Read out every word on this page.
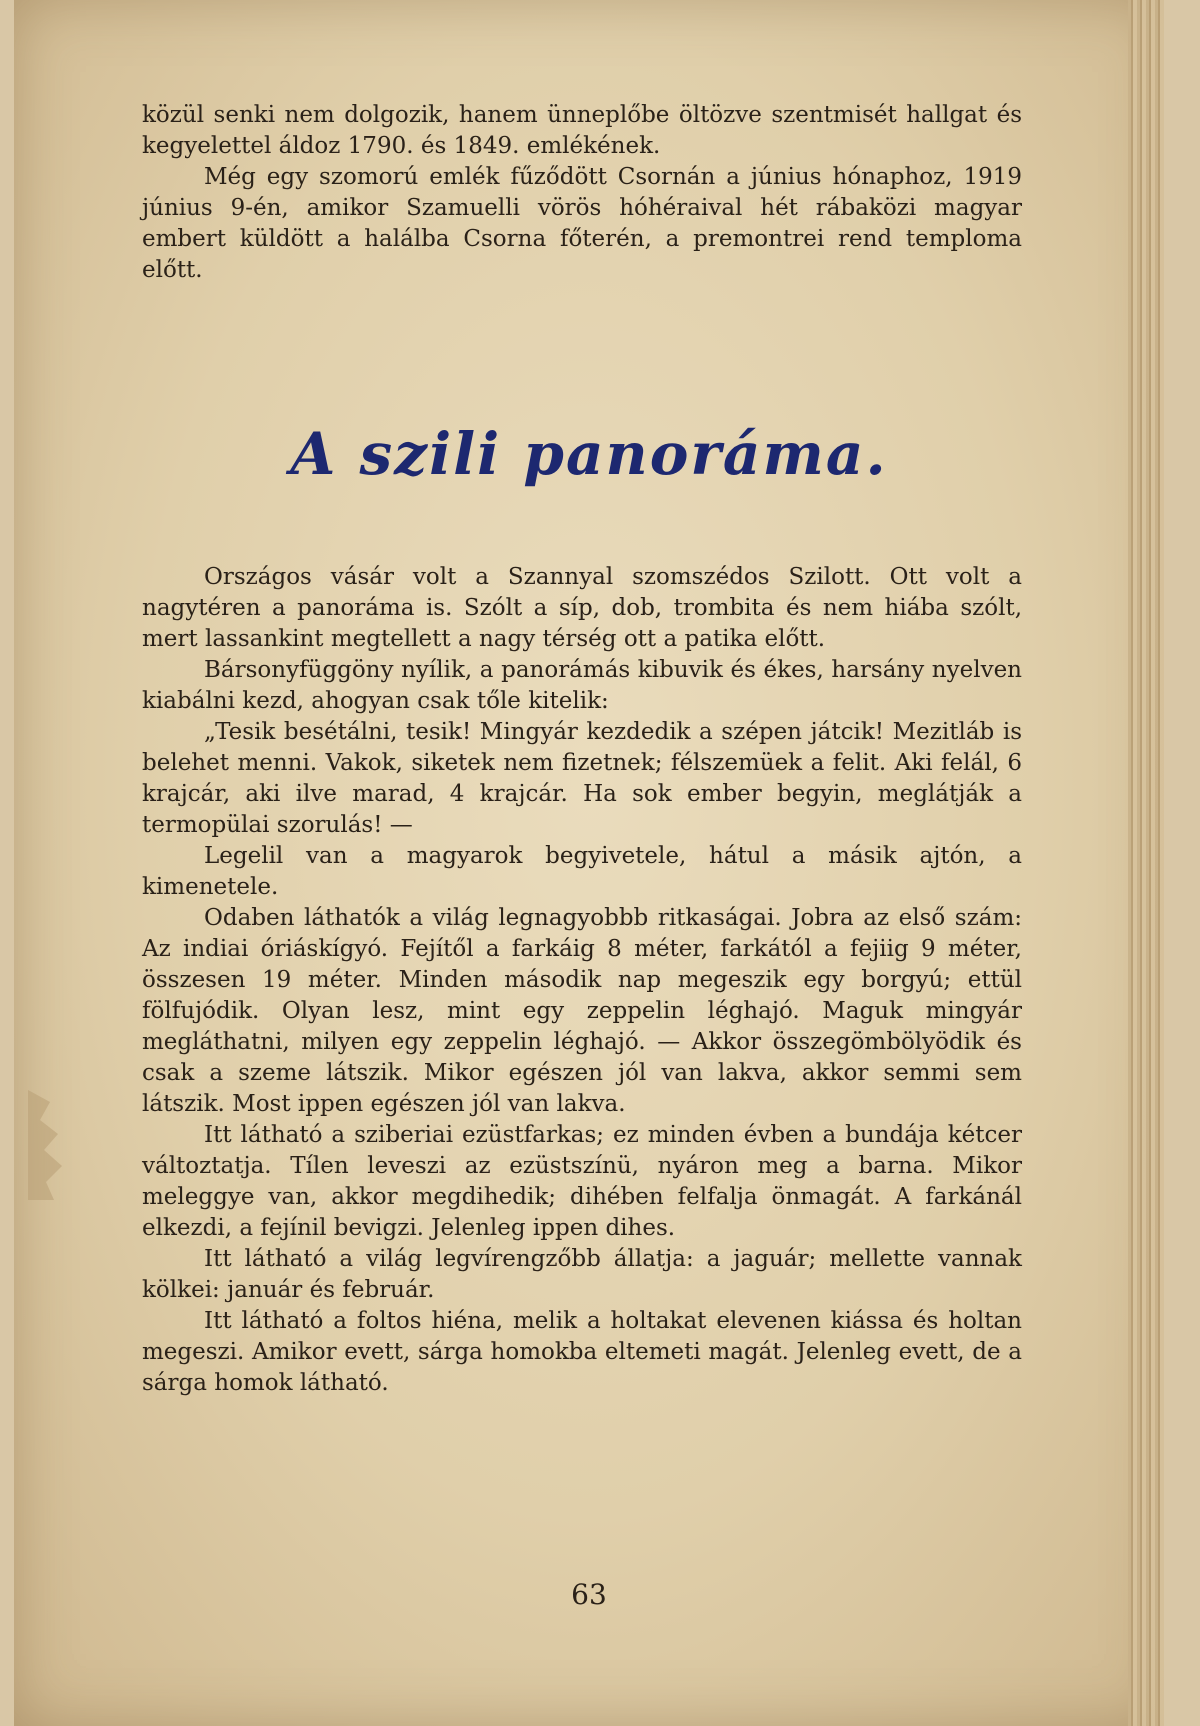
közül senki nem dolgozik, hanem ünneplőbe öltözve szentmisét hallgat és kegyelettel áldoz 1790. és 1849. emlékének.

Még egy szomorú emlék fűződött Csornán a június hónaphoz, 1919 június 9-én, amikor Szamuelli vörös hóhéraival hét rábaközi magyar embert küldött a halálba Csorna főterén, a premontrei rend temploma előtt.

A szili panoráma.

Országos vásár volt a Szannyal szomszédos Szilott. Ott volt a nagytéren a panoráma is. Szólt a síp, dob, trombita és nem hiába szólt, mert lassankint megtellett a nagy térség ott a patika előtt.

Bársonyfüggöny nyílik, a panorámás kibuvik és ékes, harsány nyelven kiabálni kezd, ahogyan csak tőle kitelik:

„Tesik besétálni, tesik! Mingyár kezdedik a szépen játcik! Mezitláb is belehet menni. Vakok, siketek nem fizetnek; félszemüek a felit. Aki felál, 6 krajcár, aki ilve marad, 4 krajcár. Ha sok ember begyin, meglátják a termopülai szorulás! —

Legelil van a magyarok begyivetele, hátul a másik ajtón, a kimenetele.

Odaben láthatók a világ legnagyobbb ritkaságai. Jobra az első szám: Az indiai óriáskígyó. Fejítől a farkáig 8 méter, farkától a fejiig 9 méter, összesen 19 méter. Minden második nap megeszik egy borgyú; ettül fölfujódik. Olyan lesz, mint egy zeppelin léghajó. Maguk mingyár megláthatni, milyen egy zeppelin léghajó. — Akkor összegömbölyödik és csak a szeme látszik. Mikor egészen jól van lakva, akkor semmi sem látszik. Most ippen egészen jól van lakva.

Itt látható a sziberiai ezüstfarkas; ez minden évben a bundája kétcer változtatja. Tílen leveszi az ezüstszínü, nyáron meg a barna. Mikor meleggye van, akkor megdihedik; dihében felfalja önmagát. A farkánál elkezdi, a fejínil bevigzi. Jelenleg ippen dihes.

Itt látható a világ legvírengzőbb állatja: a jaguár; mellette vannak kölkei: január és február.

Itt látható a foltos hiéna, melik a holtakat elevenen kiássa és holtan megeszi. Amikor evett, sárga homokba eltemeti magát. Jelenleg evett, de a sárga homok látható.

63
